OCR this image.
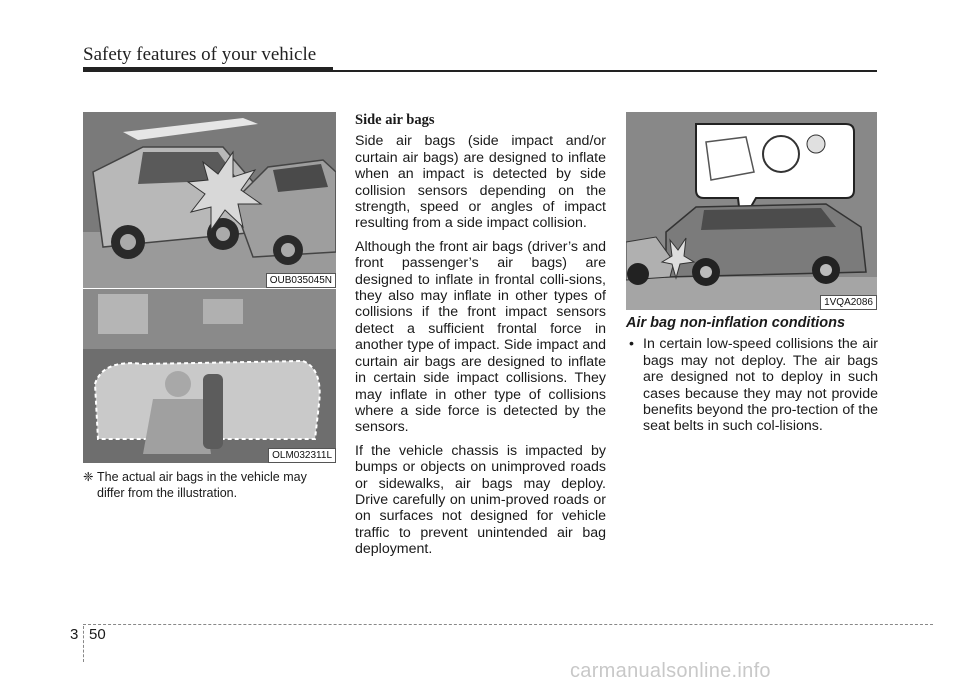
Safety features of your vehicle
OUB035045N
OLM032311L
❈ The actual air bags in the vehicle may
differ from the illustration.
Side air bags

Side air bags (side impact and/or curtain air bags) are designed to inflate when an impact is detected by side collision sensors depending on the strength, speed or angles of impact resulting from a side impact collision.

Although the front air bags (driver’s and front passenger’s air bags) are designed to inflate in frontal colli-sions, they also may inflate in other types of collisions if the front impact sensors detect a sufficient frontal force in another type of impact. Side impact and curtain air bags are designed to inflate in certain side impact collisions. They may inflate in other type of collisions where a side force is detected by the sensors.

If the vehicle chassis is impacted by bumps or objects on unimproved roads or sidewalks, air bags may deploy. Drive carefully on unim-proved roads or on surfaces not designed for vehicle traffic to prevent unintended air bag deployment.

1VQA2086
Air bag non-inflation conditions
• In certain low-speed collisions the air bags may not deploy. The air bags are designed not to deploy in such cases because they may not provide benefits beyond the pro-tection of the seat belts in such col-lisions.
3 50
carmanualsonline.info
